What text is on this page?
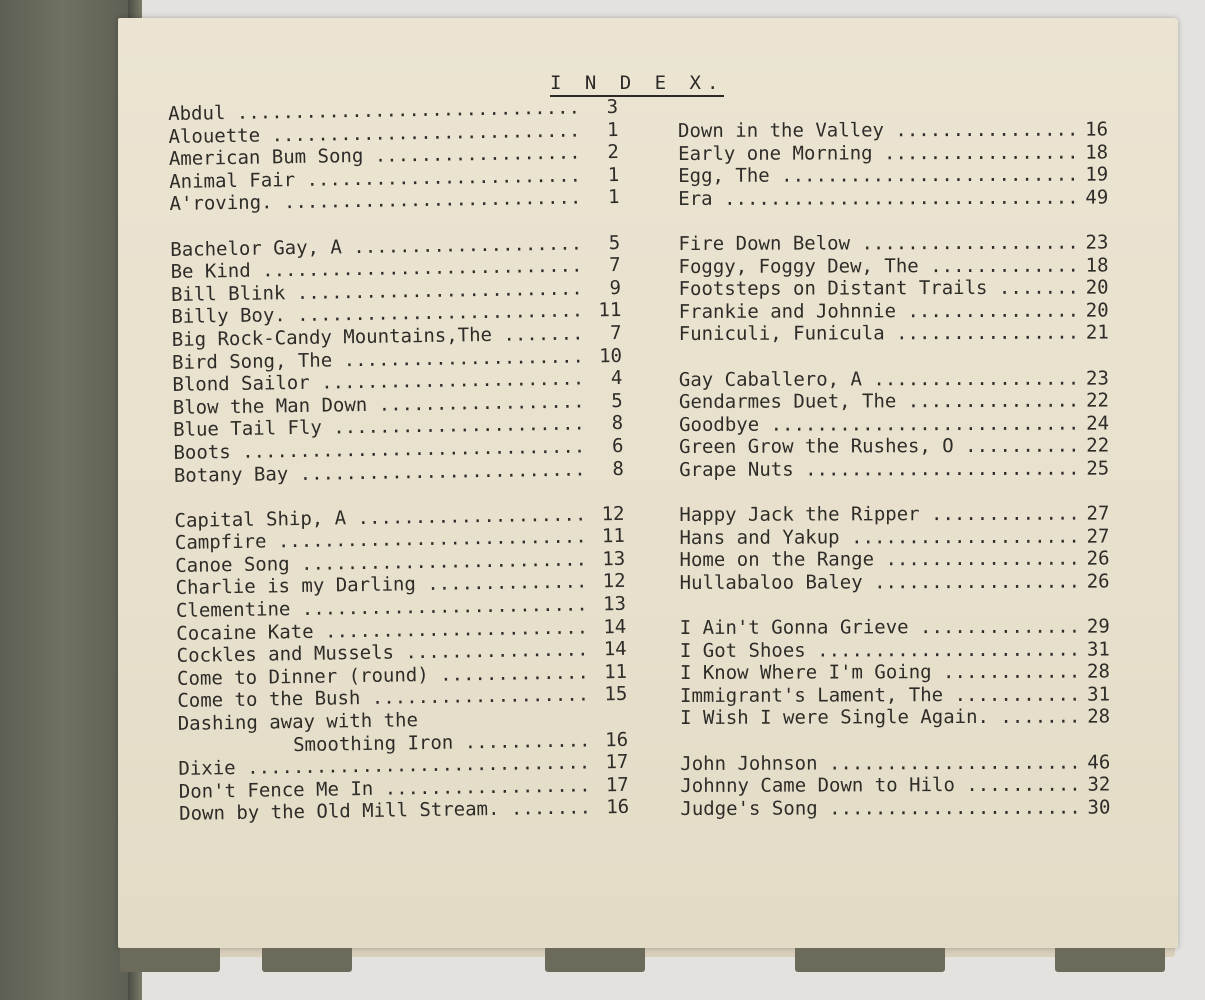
I N D E X.
Abdul .....	3
Alouette .....	1
American Bum Song .....	2
Animal Fair .....	1
A'roving. .....	1
Bachelor Gay, A .....	5
Be Kind .....	7
Bill Blink .....	9
Billy Boy. .....	11
Big Rock-Candy Mountains,The .....	7
Bird Song, The .....	10
Blond Sailor .....	4
Blow the Man Down .....	5
Blue Tail Fly .....	8
Boots .....	6
Botany Bay .....	8
Capital Ship, A .....	12
Campfire .....	11
Canoe Song .....	13
Charlie is my Darling .....	12
Clementine .....	13
Cocaine Kate .....	14
Cockles and Mussels .....	14
Come to Dinner (round) .....	11
Come to the Bush .....	15
Dashing away with the
Smoothing Iron .....	16
Dixie .....	17
Don't Fence Me In .....	17
Down by the Old Mill Stream. .....	16
Down in the Valley .....	16
Early one Morning .....	18
Egg, The .....	19
Era .....	49
Fire Down Below .....	23
Foggy, Foggy Dew, The .....	18
Footsteps on Distant Trails .....	20
Frankie and Johnnie .....	20
Funiculi, Funicula .....	21
Gay Caballero, A .....	23
Gendarmes Duet, The .....	22
Goodbye .....	24
Green Grow the Rushes, O .....	22
Grape Nuts .....	25
Happy Jack the Ripper .....	27
Hans and Yakup .....	27
Home on the Range .....	26
Hullabaloo Baley .....	26
I Ain't Gonna Grieve .....	29
I Got Shoes .....	31
I Know Where I'm Going .....	28
Immigrant's Lament, The .....	31
I Wish I were Single Again. .....	28
John Johnson .....	46
Johnny Came Down to Hilo .....	32
Judge's Song .....	30
